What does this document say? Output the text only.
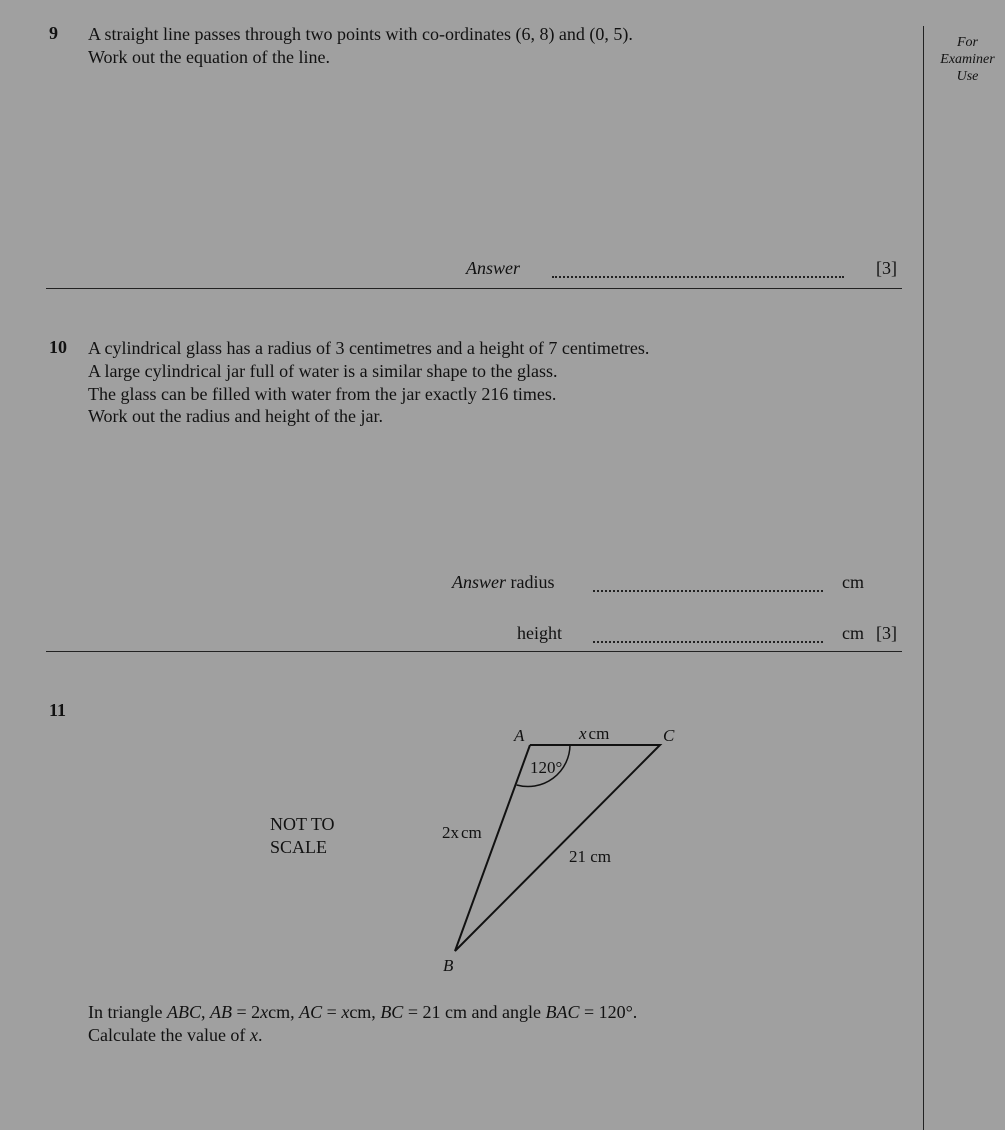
For
Examiner
Use
9 A straight line passes through two points with co-ordinates (6, 8) and (0, 5).
Work out the equation of the line.
Answer	[3]
10 A cylindrical glass has a radius of 3 centimetres and a height of 7 centimetres.
A large cylindrical jar full of water is a similar shape to the glass.
The glass can be filled with water from the jar exactly 216 times.
Work out the radius and height of the jar.
Answer radius	cm
height	cm [3]
11
NOT TO
SCALE
A	C
B
120°
x cm
2x cm
21 cm
In triangle ABC, AB = 2xcm, AC = xcm, BC = 21 cm and angle BAC = 120°.
Calculate the value of x.
